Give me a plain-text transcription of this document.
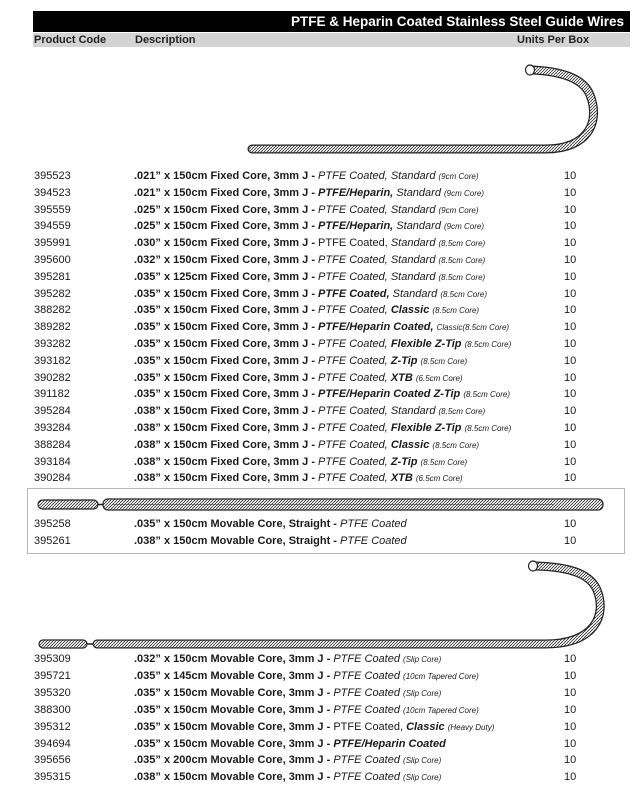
PTFE & Heparin Coated Stainless Steel Guide Wires
Product Code	Description	Units Per Box
395523	.021” x 150cm Fixed Core, 3mm J - PTFE Coated, Standard (9cm Core)	10
394523	.021” x 150cm Fixed Core, 3mm J - PTFE/Heparin, Standard (9cm Core)	10
395559	.025” x 150cm Fixed Core, 3mm J - PTFE Coated, Standard (9cm Core)	10
394559	.025” x 150cm Fixed Core, 3mm J - PTFE/Heparin, Standard (9cm Core)	10
395991	.030” x 150cm Fixed Core, 3mm J - PTFE Coated, Standard (8.5cm Core)	10
395600	.032” x 150cm Fixed Core, 3mm J - PTFE Coated, Standard (8.5cm Core)	10
395281	.035” x 125cm Fixed Core, 3mm J - PTFE Coated, Standard (8.5cm Core)	10
395282	.035” x 150cm Fixed Core, 3mm J - PTFE Coated, Standard (8.5cm Core)	10
388282	.035” x 150cm Fixed Core, 3mm J - PTFE Coated, Classic (8.5cm Core)	10
389282	.035” x 150cm Fixed Core, 3mm J - PTFE/Heparin Coated, Classic(8.5cm Core)	10
393282	.035” x 150cm Fixed Core, 3mm J - PTFE Coated, Flexible Z-Tip (8.5cm Core)	10
393182	.035” x 150cm Fixed Core, 3mm J - PTFE Coated, Z-Tip (8.5cm Core)	10
390282	.035” x 150cm Fixed Core, 3mm J - PTFE Coated, XTB (6.5cm Core)	10
391182	.035” x 150cm Fixed Core, 3mm J - PTFE/Heparin Coated Z-Tip (8.5cm Core)	10
395284	.038” x 150cm Fixed Core, 3mm J - PTFE Coated, Standard (8.5cm Core)	10
393284	.038” x 150cm Fixed Core, 3mm J - PTFE Coated, Flexible Z-Tip (8.5cm Core)	10
388284	.038” x 150cm Fixed Core, 3mm J - PTFE Coated, Classic (8.5cm Core)	10
393184	.038” x 150cm Fixed Core, 3mm J - PTFE Coated, Z-Tip (8.5cm Core)	10
390284	.038” x 150cm Fixed Core, 3mm J - PTFE Coated, XTB (6.5cm Core)	10
395258	.035” x 150cm Movable Core, Straight - PTFE Coated	10
395261	.038” x 150cm Movable Core, Straight - PTFE Coated	10
395309	.032” x 150cm Movable Core, 3mm J - PTFE Coated (Slip Core)	10
395721	.035” x 145cm Movable Core, 3mm J - PTFE Coated (10cm Tapered Core)	10
395320	.035” x 150cm Movable Core, 3mm J - PTFE Coated (Slip Core)	10
388300	.035” x 150cm Movable Core, 3mm J - PTFE Coated (10cm Tapered Core)	10
395312	.035” x 150cm Movable Core, 3mm J - PTFE Coated, Classic (Heavy Duty)	10
394694	.035” x 150cm Movable Core, 3mm J - PTFE/Heparin Coated	10
395656	.035” x 200cm Movable Core, 3mm J - PTFE Coated (Slip Core)	10
395315	.038” x 150cm Movable Core, 3mm J - PTFE Coated (Slip Core)	10
